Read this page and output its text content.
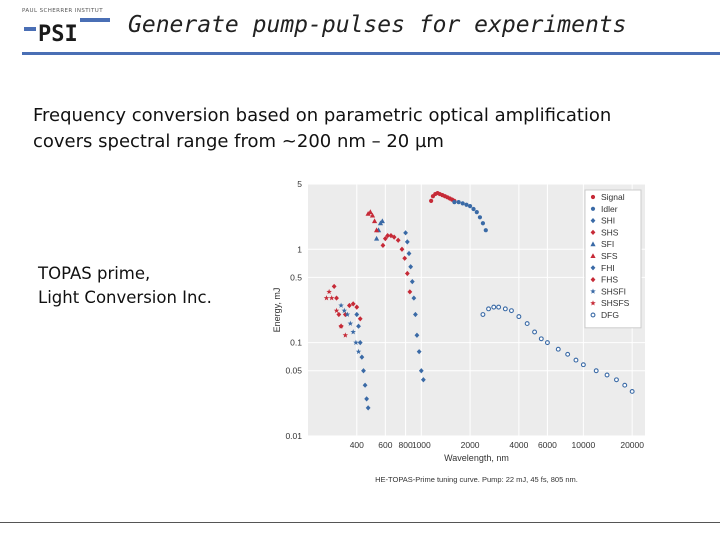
PAUL SCHERRER INSTITUT
PSI Generate pump-pulses for experiments
Frequency conversion based on parametric optical amplification
covers spectral range from ~200 nm – 20 µm
TOPAS prime,
Light Conversion Inc.
400 600 800 1000	2000	4000 6000 10000	20000
0.01
0.05
0.1
0.5
1
5
Wavelength, nm
Energy, mJ
HE-TOPAS-Prime tuning curve. Pump: 22 mJ, 45 fs, 805 nm.
Signal
Idler
SHI
SHS
SFI
SFS
FHI
FHS
SHSFI
SHSFS
DFG
